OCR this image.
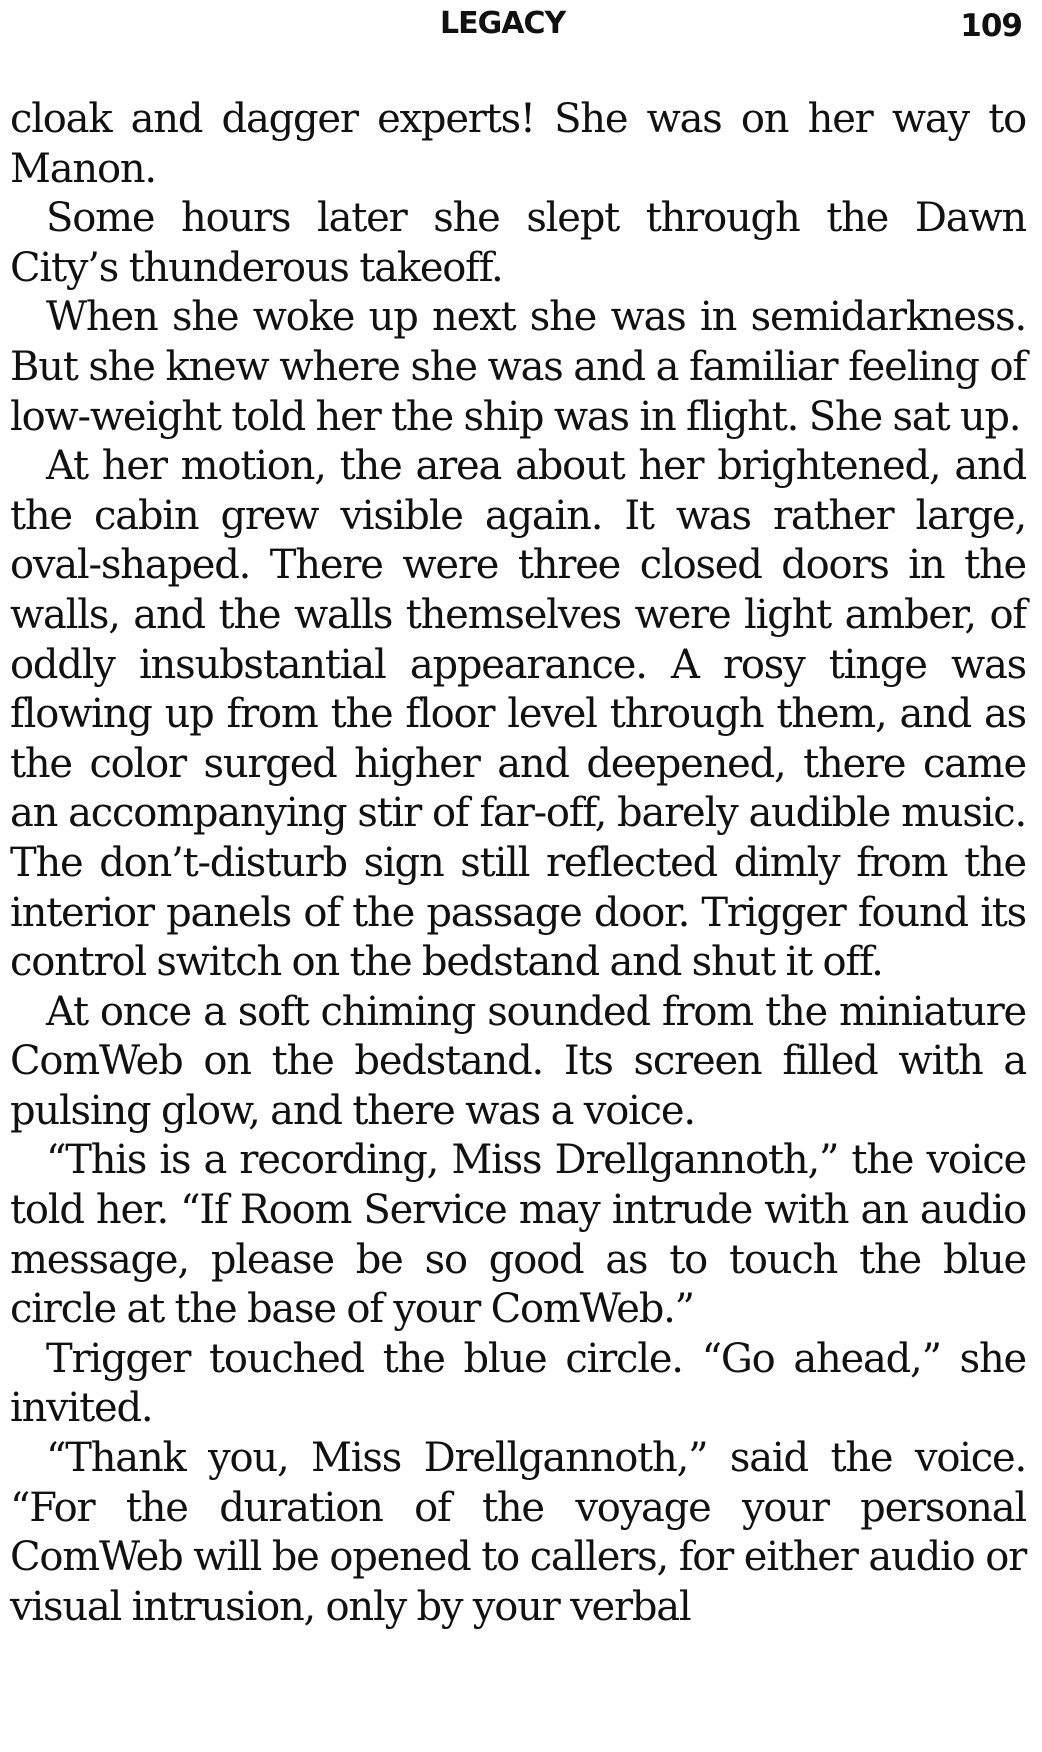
LEGACY	109

cloak and dagger experts! She was on her way to Manon.

Some hours later she slept through the Dawn City’s thunderous takeoff.

When she woke up next she was in semidarkness. But she knew where she was and a familiar feeling of low-weight told her the ship was in flight. She sat up.

At her motion, the area about her brightened, and the cabin grew visible again. It was rather large, oval-shaped. There were three closed doors in the walls, and the walls themselves were light amber, of oddly insubstantial appearance. A rosy tinge was flowing up from the floor level through them, and as the color surged higher and deepened, there came an accompanying stir of far-off, barely audible music. The don’t-disturb sign still reflected dimly from the interior panels of the passage door. Trigger found its control switch on the bedstand and shut it off.

At once a soft chiming sounded from the miniature ComWeb on the bedstand. Its screen filled with a pulsing glow, and there was a voice.

“This is a recording, Miss Drellgannoth,” the voice told her. “If Room Service may intrude with an audio message, please be so good as to touch the blue circle at the base of your ComWeb.”

Trigger touched the blue circle. “Go ahead,” she invited.

“Thank you, Miss Drellgannoth,” said the voice. “For the duration of the voyage your personal ComWeb will be opened to callers, for either audio or visual intrusion, only by your verbal
